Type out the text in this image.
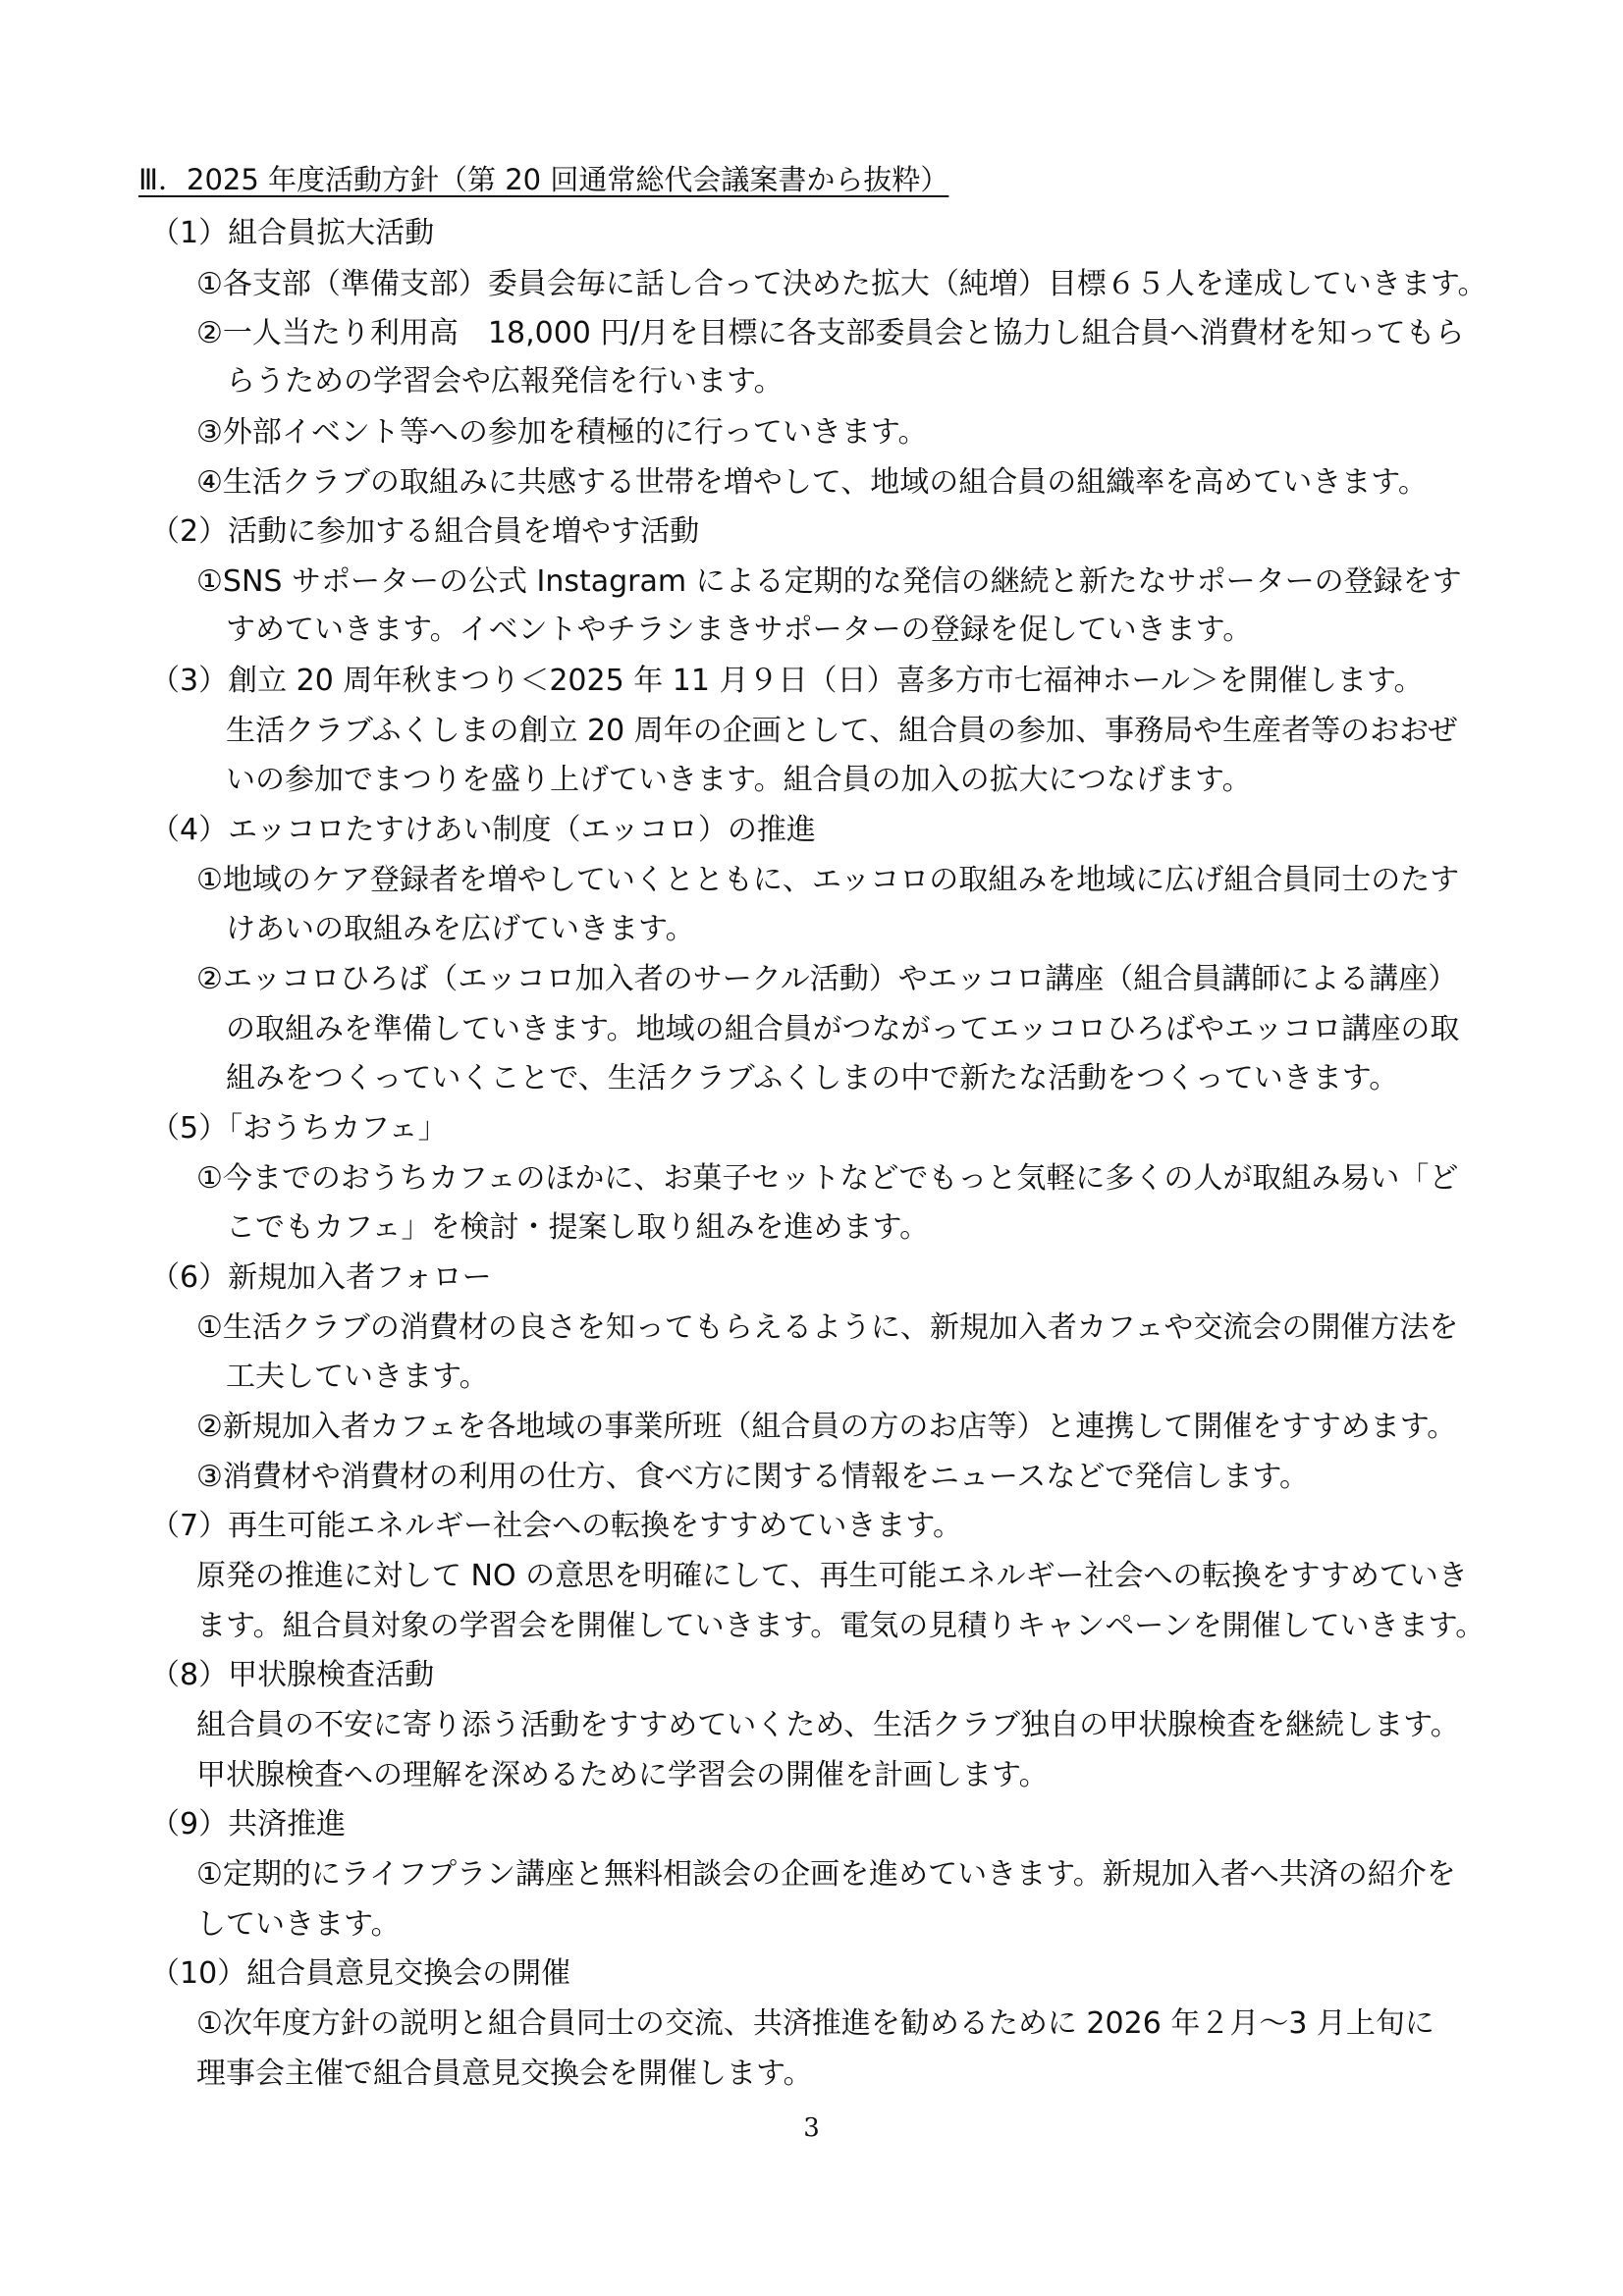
Ⅲ．2025 年度活動方針（第 20 回通常総代会議案書から抜粋）
（1）組合員拡大活動
①各支部（準備支部）委員会毎に話し合って決めた拡大（純増）目標６５人を達成していきます。
②一人当たり利用高　18,000 円/月を目標に各支部委員会と協力し組合員へ消費材を知ってもら
らうための学習会や広報発信を行います。
③外部イベント等への参加を積極的に行っていきます。
④生活クラブの取組みに共感する世帯を増やして、地域の組合員の組織率を高めていきます。
（2）活動に参加する組合員を増やす活動
①SNS サポーターの公式 Instagram による定期的な発信の継続と新たなサポーターの登録をす
すめていきます。イベントやチラシまきサポーターの登録を促していきます。
（3）創立 20 周年秋まつり＜2025 年 11 月９日（日）喜多方市七福神ホール＞を開催します。
生活クラブふくしまの創立 20 周年の企画として、組合員の参加、事務局や生産者等のおおぜ
いの参加でまつりを盛り上げていきます。組合員の加入の拡大につなげます。
（4）エッコロたすけあい制度（エッコロ）の推進
①地域のケア登録者を増やしていくとともに、エッコロの取組みを地域に広げ組合員同士のたす
けあいの取組みを広げていきます。
②エッコロひろば（エッコロ加入者のサークル活動）やエッコロ講座（組合員講師による講座）
の取組みを準備していきます。地域の組合員がつながってエッコロひろばやエッコロ講座の取
組みをつくっていくことで、生活クラブふくしまの中で新たな活動をつくっていきます。
（5）「おうちカフェ」
①今までのおうちカフェのほかに、お菓子セットなどでもっと気軽に多くの人が取組み易い「ど
こでもカフェ」を検討・提案し取り組みを進めます。
（6）新規加入者フォロー
①生活クラブの消費材の良さを知ってもらえるように、新規加入者カフェや交流会の開催方法を
工夫していきます。
②新規加入者カフェを各地域の事業所班（組合員の方のお店等）と連携して開催をすすめます。
③消費材や消費材の利用の仕方、食べ方に関する情報をニュースなどで発信します。
（7）再生可能エネルギー社会への転換をすすめていきます。
原発の推進に対して NO の意思を明確にして、再生可能エネルギー社会への転換をすすめていき
ます。組合員対象の学習会を開催していきます。電気の見積りキャンペーンを開催していきます。
（8）甲状腺検査活動
組合員の不安に寄り添う活動をすすめていくため、生活クラブ独自の甲状腺検査を継続します。
甲状腺検査への理解を深めるために学習会の開催を計画します。
（9）共済推進
①定期的にライフプラン講座と無料相談会の企画を進めていきます。新規加入者へ共済の紹介を
していきます。
（10）組合員意見交換会の開催
①次年度方針の説明と組合員同士の交流、共済推進を勧めるために 2026 年２月～3 月上旬に
理事会主催で組合員意見交換会を開催します。
3
